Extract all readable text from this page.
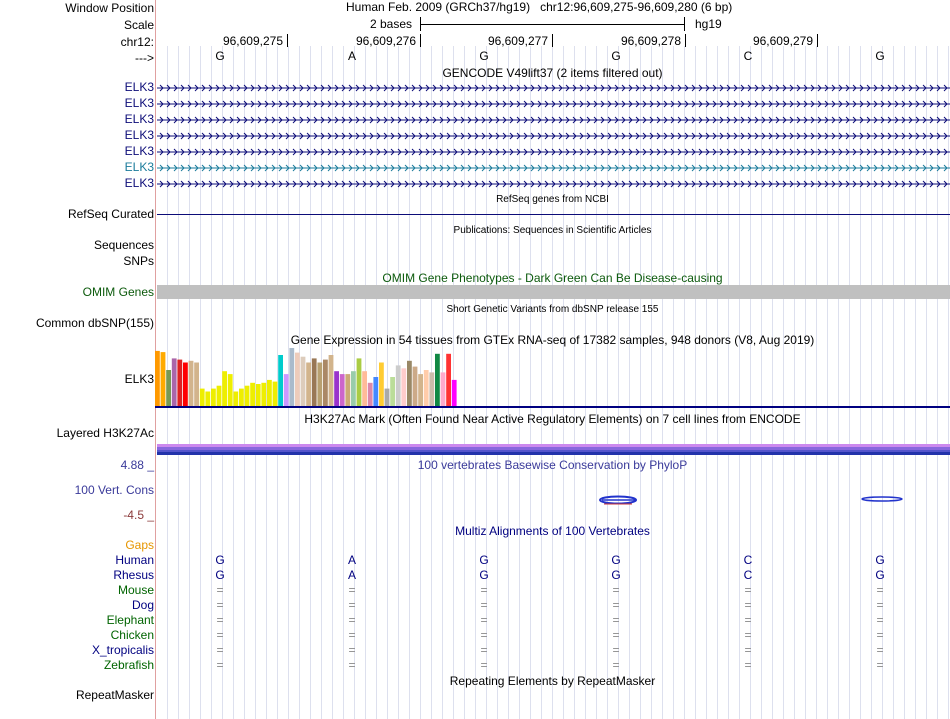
Window Position
Scale
chr12:
--->
Human Feb. 2009 (GRCh37/hg19)   chr12:96,609,275-96,609,280 (6 bp)
2 bases	hg19
96,609,275	96,609,276	96,609,277	96,609,278	96,609,279
G	A	G	G	C	G
GENCODE V49lift37 (2 items filtered out)
ELK3
ELK3
ELK3
ELK3
ELK3
ELK3
ELK3
RefSeq genes from NCBI
RefSeq Curated
Publications: Sequences in Scientific Articles
Sequences
SNPs
OMIM Gene Phenotypes - Dark Green Can Be Disease-causing
OMIM Genes
Short Genetic Variants from dbSNP release 155
Common dbSNP(155)
Gene Expression in 54 tissues from GTEx RNA-seq of 17382 samples, 948 donors (V8, Aug 2019)
ELK3
H3K27Ac Mark (Often Found Near Active Regulatory Elements) on 7 cell lines from ENCODE
Layered H3K27Ac
100 vertebrates Basewise Conservation by PhyloP
4.88 _
100 Vert. Cons
-4.5 _
Multiz Alignments of 100 Vertebrates
Gaps
Human	G	A	G	G	C	G
Rhesus	G	A	G	G	C	G
Mouse	=	=	=	=	=	=
Dog	=	=	=	=	=	=
Elephant	=	=	=	=	=	=
Chicken	=	=	=	=	=	=
X_tropicalis	=	=	=	=	=	=
Zebrafish	=	=	=	=	=	=
Repeating Elements by RepeatMasker
RepeatMasker
